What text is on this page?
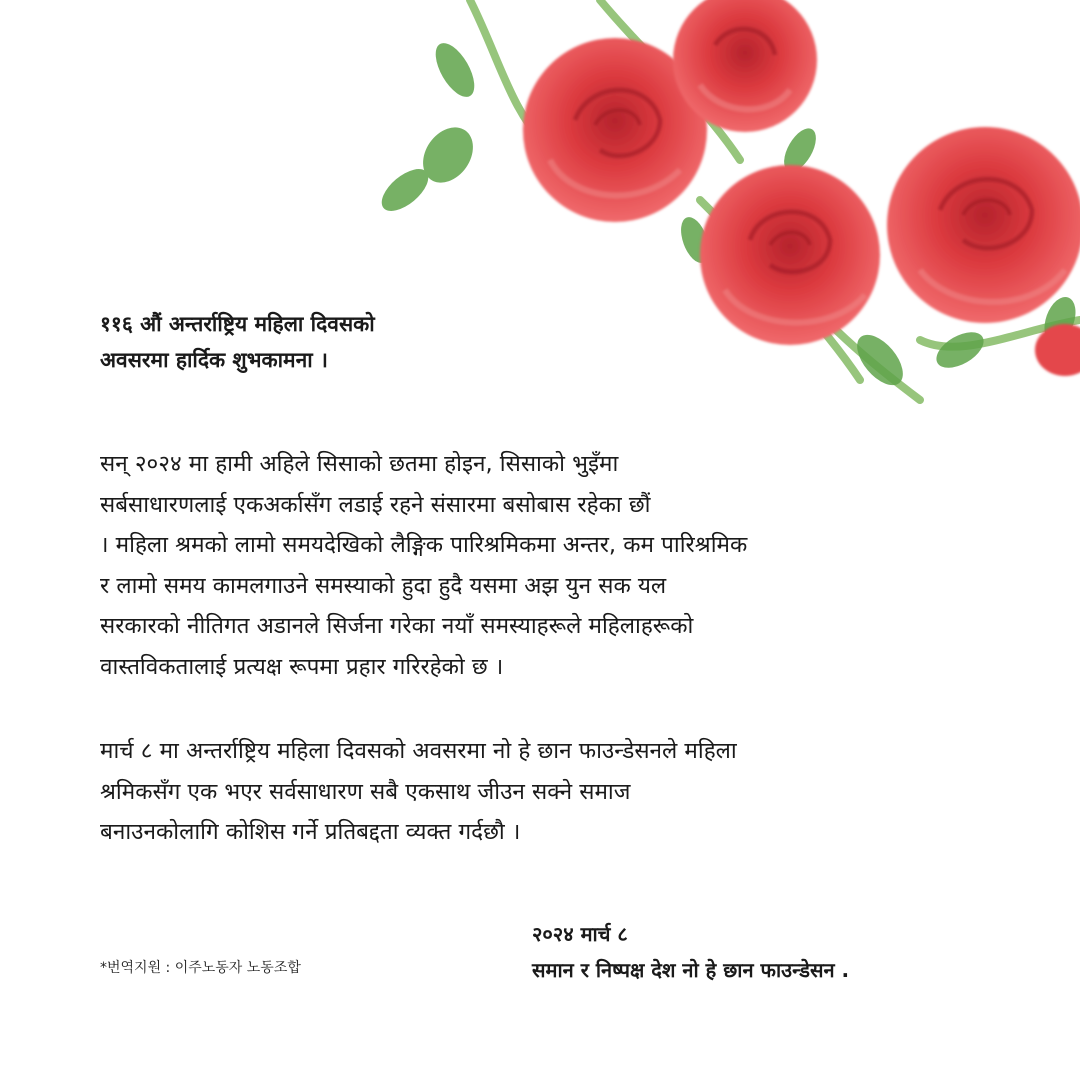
११६ औं अन्तर्राष्ट्रिय महिला दिवसको
अवसरमा हार्दिक शुभकामना ।
सन् २०२४ मा हामी अहिले सिसाको छतमा होइन, सिसाको भुइँमा
सर्बसाधारणलाई एकअर्कासँग लडाई रहने संसारमा बसोबास रहेका छौं
। महिला श्रमको लामो समयदेखिको लैङ्गिक पारिश्रमिकमा अन्तर, कम पारिश्रमिक
र लामो समय कामलगाउने समस्याको हुदा हुदै यसमा अझ युन सक यल
सरकारको नीतिगत अडानले सिर्जना गरेका नयाँ समस्याहरूले महिलाहरूको
वास्तविकतालाई प्रत्यक्ष रूपमा प्रहार गरिरहेको छ ।
मार्च ८ मा अन्तर्राष्ट्रिय महिला दिवसको अवसरमा नो हे छान फाउन्डेसनले महिला
श्रमिकसँग एक भएर सर्वसाधारण सबै एकसाथ जीउन सक्ने समाज
बनाउनकोलागि कोशिस गर्ने प्रतिबद्दता व्यक्त गर्दछौ ।
*번역지원 : 이주노동자 노동조합
२०२४ मार्च ८
समान र निष्पक्ष देश नो हे छान फाउन्डेसन .
